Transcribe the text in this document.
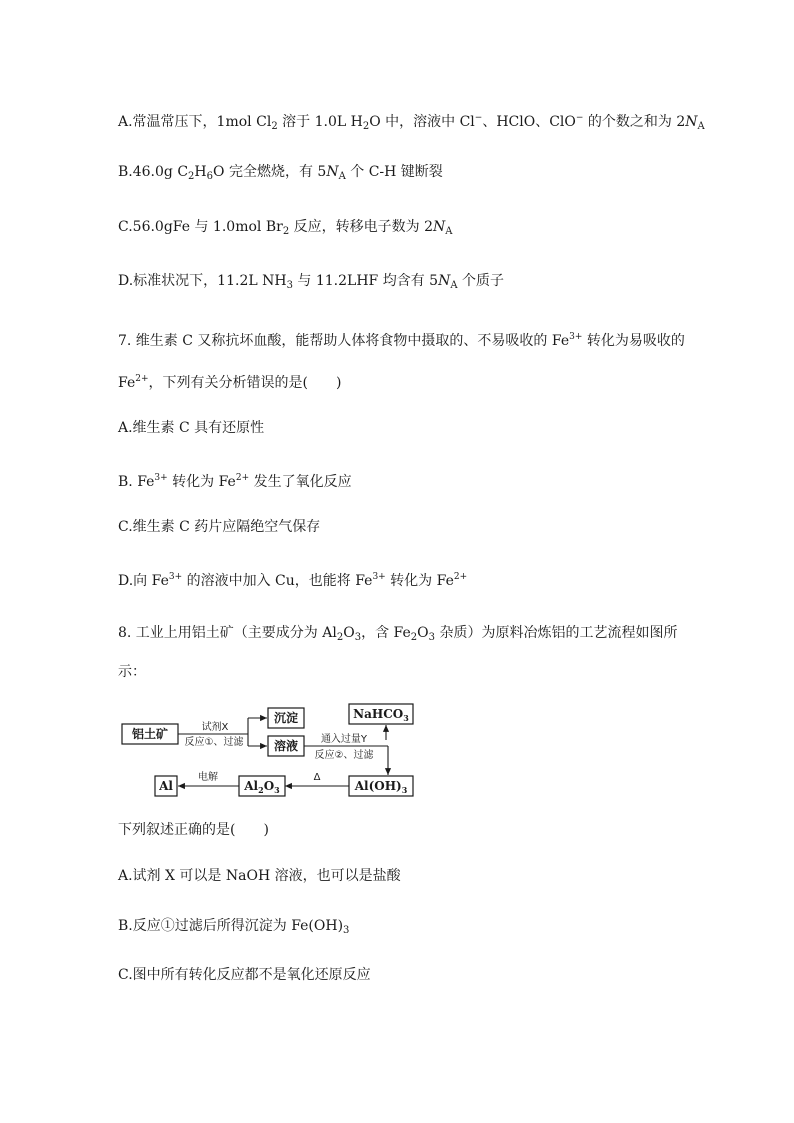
A.常温常压下，1mol $Cl_2$ 溶于 1.0L $H_2O$ 中，溶液中 Cl−、HClO、ClO− 的个数之和为 $2N_A$
B.46.0g $C_2H_6O$ 完全燃烧，有 $5N_A$ 个 C-H 键断裂
C.56.0gFe 与 1.0mol $Br_2$ 反应，转移电子数为 $2N_A$
D.标准状况下，11.2L $NH_3$ 与 11.2LHF 均含有 $5N_A$ 个质子
7. 维生素 C 又称抗坏血酸，能帮助人体将食物中摄取的、不易吸收的 $Fe^{3+}$ 转化为易吸收的
$Fe^{2+}$，下列有关分析错误的是(　　)
A.维生素 C 具有还原性
B. $Fe^{3+}$ 转化为 $Fe^{2+}$ 发生了氧化反应
C.维生素 C 药片应隔绝空气保存
D.向 $Fe^{3+}$ 的溶液中加入 Cu，也能将 $Fe^{3+}$ 转化为 $Fe^{2+}$
8. 工业上用铝土矿（主要成分为 $Al_2O_3$，含 $Fe_2O_3$ 杂质）为原料冶炼铝的工艺流程如图所
示：
铝土矿	试剂X
反应①、过滤
沉淀
溶液 通入过量Y
反应②、过滤
NaHCO$_3$
$Al(OH)_3$
Δ
$Al_2O_3$
电解
Al
下列叙述正确的是(　　)
A.试剂 X 可以是 NaOH 溶液，也可以是盐酸
B.反应①过滤后所得沉淀为 $Fe(OH)_3$
C.图中所有转化反应都不是氧化还原反应
